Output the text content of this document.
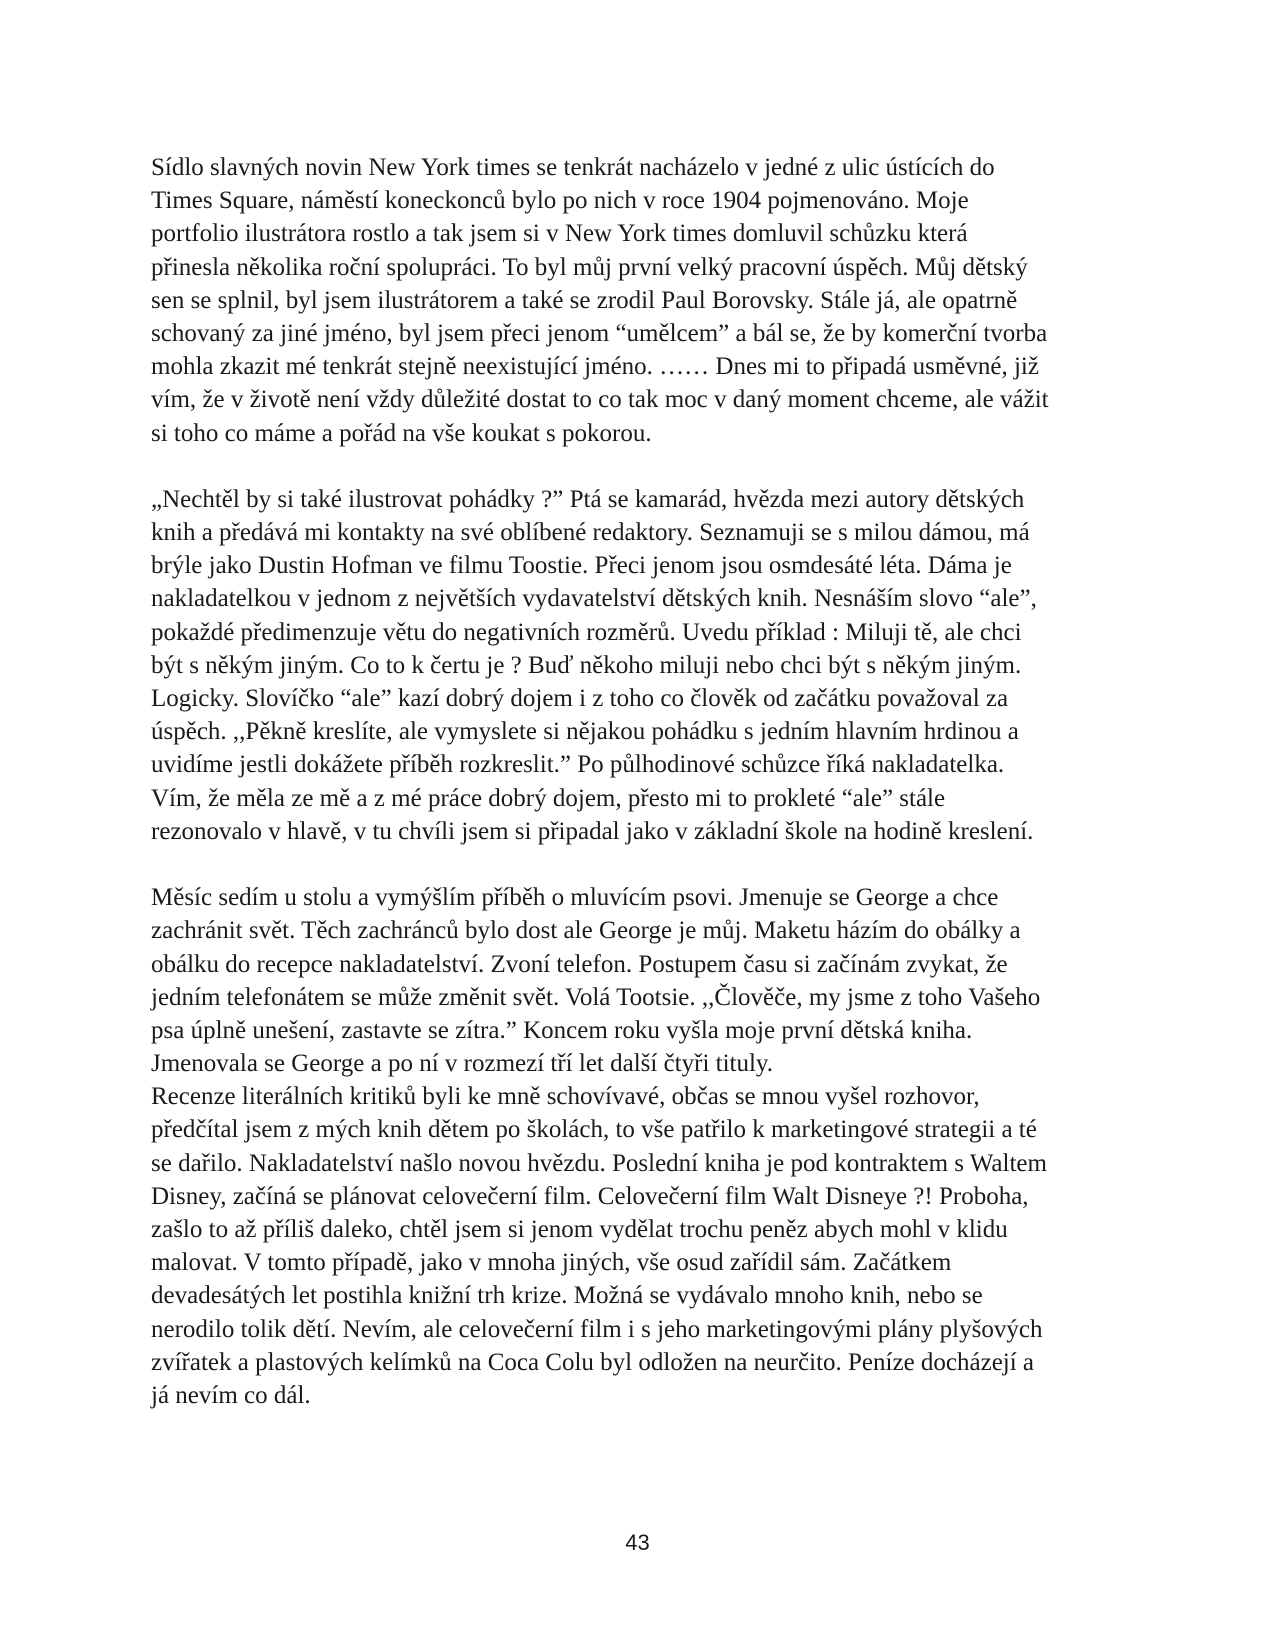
Sídlo slavných novin New York times se tenkrát nacházelo v jedné z ulic ústících do
Times Square, náměstí koneckonců bylo po nich v roce 1904 pojmenováno. Moje
portfolio ilustrátora rostlo a tak jsem si v New York times domluvil schůzku která
přinesla několika roční spolupráci. To byl můj první velký pracovní úspěch. Můj dětský
sen se splnil, byl jsem ilustrátorem a také se zrodil Paul Borovsky. Stále já, ale opatrně
schovaný za jiné jméno, byl jsem přeci jenom “umělcem” a bál se, že by komerční tvorba
mohla zkazit mé tenkrát stejně neexistující jméno. …… Dnes mi to připadá usměvné, již
vím, že v životě není vždy důležité dostat to co tak moc v daný moment chceme, ale vážit
si toho co máme a pořád na vše koukat s pokorou.
„Nechtěl by si také ilustrovat pohádky ?” Ptá se kamarád, hvězda mezi autory dětských
knih a předává mi kontakty na své oblíbené redaktory. Seznamuji se s milou dámou, má
brýle jako Dustin Hofman ve filmu Toostie. Přeci jenom jsou osmdesáté léta. Dáma je
nakladatelkou v jednom z největších vydavatelství dětských knih. Nesnáším slovo “ale”,
pokaždé předimenzuje větu do negativních rozměrů. Uvedu příklad : Miluji tě, ale chci
být s někým jiným. Co to k čertu je ? Buď někoho miluji nebo chci být s někým jiným.
Logicky. Slovíčko “ale” kazí dobrý dojem i z toho co člověk od začátku považoval za
úspěch. ,,Pěkně kreslíte, ale vymyslete si nějakou pohádku s jedním hlavním hrdinou a
uvidíme jestli dokážete příběh rozkreslit.” Po půlhodinové schůzce říká nakladatelka.
Vím, že měla ze mě a z mé práce dobrý dojem, přesto mi to prokleté “ale” stále
rezonovalo v hlavě, v tu chvíli jsem si připadal jako v základní škole na hodině kreslení.
Měsíc sedím u stolu a vymýšlím příběh o mluvícím psovi. Jmenuje se George a chce
zachránit svět. Těch zachránců bylo dost ale George je můj. Maketu házím do obálky a
obálku do recepce nakladatelství. Zvoní telefon. Postupem času si začínám zvykat, že
jedním telefonátem se může změnit svět. Volá Tootsie. ,,Člověče, my jsme z toho Vašeho
psa úplně unešení, zastavte se zítra.” Koncem roku vyšla moje první dětská kniha.
Jmenovala se George a po ní v rozmezí tří let další čtyři tituly.
Recenze literálních kritiků byli ke mně schovívavé, občas se mnou vyšel rozhovor,
předčítal jsem z mých knih dětem po školách, to vše patřilo k marketingové strategii a té
se dařilo. Nakladatelství našlo novou hvězdu. Poslední kniha je pod kontraktem s Waltem
Disney, začíná se plánovat celovečerní film. Celovečerní film Walt Disneye ?! Proboha,
zašlo to až příliš daleko, chtěl jsem si jenom vydělat trochu peněz abych mohl v klidu
malovat. V tomto případě, jako v mnoha jiných, vše osud zařídil sám. Začátkem
devadesátých let postihla knižní trh krize. Možná se vydávalo mnoho knih, nebo se
nerodilo tolik dětí. Nevím, ale celovečerní film i s jeho marketingovými plány plyšových
zvířatek a plastových kelímků na Coca Colu byl odložen na neurčito. Peníze docházejí a
já nevím co dál.
43
